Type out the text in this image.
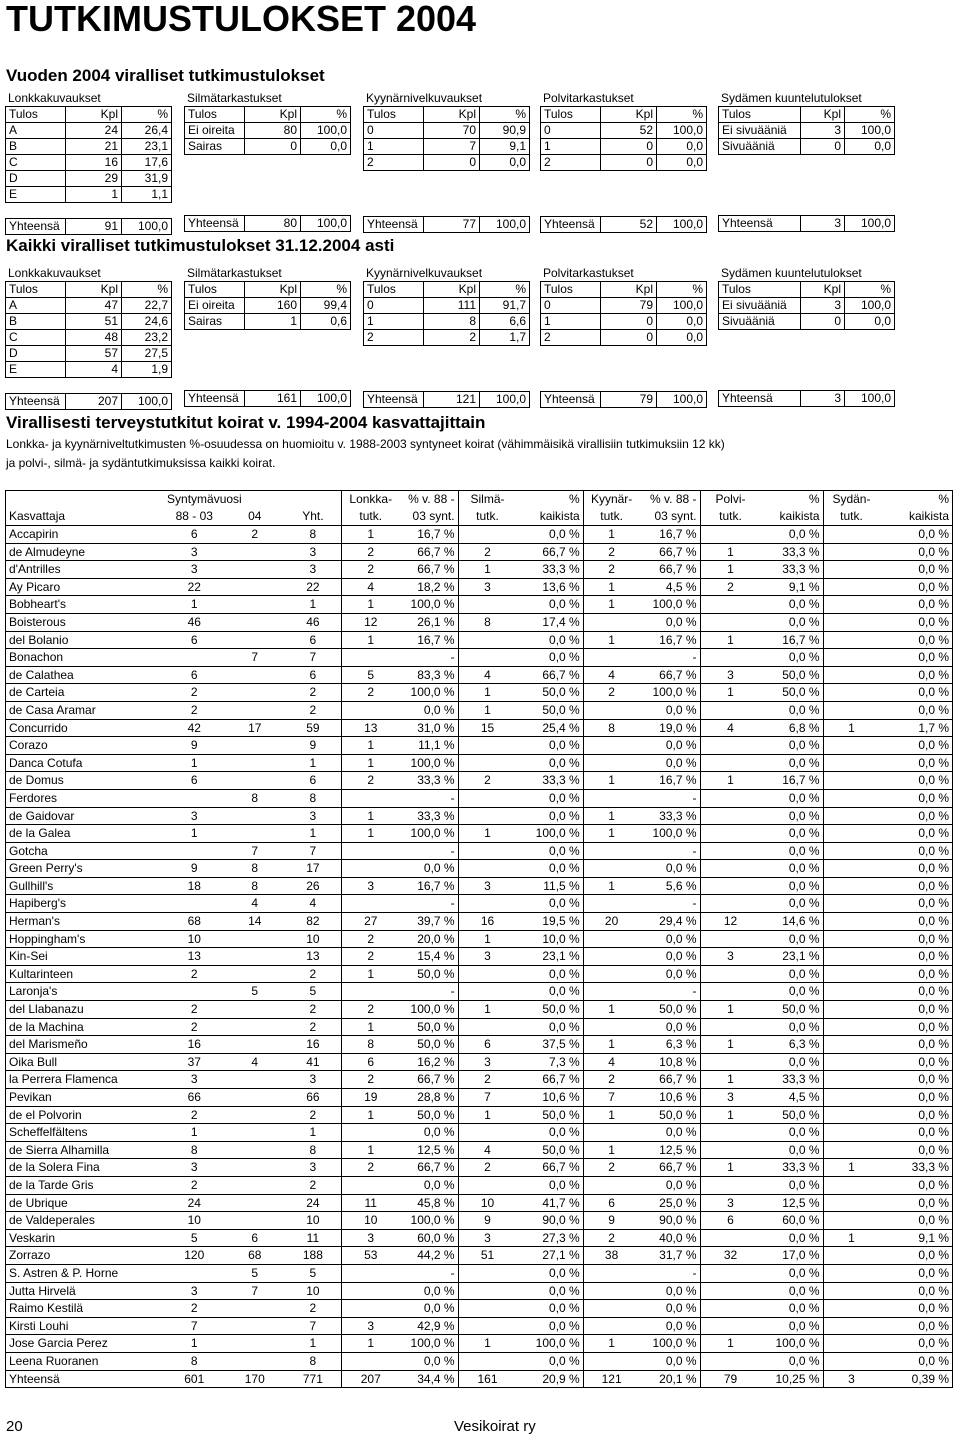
TUTKIMUSTULOKSET 2004
Vuoden 2004 viralliset tutkimustulokset
Lonkkakuvaukset
Tulos	Kpl	%
A	24	26,4
B	21	23,1
C	16	17,6
D	29	31,9
E	1	1,1

Yhteensä	91	100,0
Silmätarkastukset
Tulos	Kpl	%
Ei oireita	80	100,0
Sairas	0	0,0

Yhteensä	80	100,0
Kyynärnivelkuvaukset
Tulos	Kpl	%
0	70	90,9
1	7	9,1
2	0	0,0

Yhteensä	77	100,0
Polvitarkastukset
Tulos	Kpl	%
0	52	100,0
1	0	0,0
2	0	0,0

Yhteensä	52	100,0
Sydämen kuuntelutulokset
Tulos	Kpl	%
Ei sivuääniä	3	100,0
Sivuääniä	0	0,0

Yhteensä	3	100,0
Kaikki viralliset tutkimustulokset 31.12.2004 asti
Lonkkakuvaukset
Tulos	Kpl	%
A	47	22,7
B	51	24,6
C	48	23,2
D	57	27,5
E	4	1,9

Yhteensä	207	100,0
Silmätarkastukset
Tulos	Kpl	%
Ei oireita	160	99,4
Sairas	1	0,6

Yhteensä	161	100,0
Kyynärnivelkuvaukset
Tulos	Kpl	%
0	111	91,7
1	8	6,6
2	2	1,7

Yhteensä	121	100,0
Polvitarkastukset
Tulos	Kpl	%
0	79	100,0
1	0	0,0
2	0	0,0

Yhteensä	79	100,0
Sydämen kuuntelutulokset
Tulos	Kpl	%
Ei sivuääniä	3	100,0
Sivuääniä	0	0,0

Yhteensä	3	100,0
Virallisesti terveystutkitut koirat v. 1994-2004 kasvattajittain
Lonkka- ja kyynärniveltutkimusten %-osuudessa on huomioitu v. 1988-2003 syntyneet koirat (vähimmäisikä virallisiin tutkimuksiin 12 kk)
ja polvi-, silmä- ja sydäntutkimuksissa kaikki koirat.
	Syntymävuosi			Lonkka-	% v. 88 -	Silmä-	%	Kyynär-	% v. 88 -	Polvi-	%	Sydän-	%
Kasvattaja	88 - 03	04	Yht.	tutk.	03 synt.	tutk.	kaikista	tutk.	03 synt.	tutk.	kaikista	tutk.	kaikista
Accapirin	6	2	8	1	16,7 %		0,0 %	1	16,7 %		0,0 %		0,0 %
de Almudeyne	3		3	2	66,7 %	2	66,7 %	2	66,7 %	1	33,3 %		0,0 %
d'Antrilles	3		3	2	66,7 %	1	33,3 %	2	66,7 %	1	33,3 %		0,0 %
Ay Picaro	22		22	4	18,2 %	3	13,6 %	1	4,5 %	2	9,1 %		0,0 %
Bobheart's	1		1	1	100,0 %		0,0 %	1	100,0 %		0,0 %		0,0 %
Boisterous	46		46	12	26,1 %	8	17,4 %		0,0 %		0,0 %		0,0 %
del Bolanio	6		6	1	16,7 %		0,0 %	1	16,7 %	1	16,7 %		0,0 %
Bonachon		7	7		-		0,0 %		-		0,0 %		0,0 %
de Calathea	6		6	5	83,3 %	4	66,7 %	4	66,7 %	3	50,0 %		0,0 %
de Carteia	2		2	2	100,0 %	1	50,0 %	2	100,0 %	1	50,0 %		0,0 %
de Casa Aramar	2		2		0,0 %	1	50,0 %		0,0 %		0,0 %		0,0 %
Concurrido	42	17	59	13	31,0 %	15	25,4 %	8	19,0 %	4	6,8 %	1	1,7 %
Corazo	9		9	1	11,1 %		0,0 %		0,0 %		0,0 %		0,0 %
Danca Cotufa	1		1	1	100,0 %		0,0 %		0,0 %		0,0 %		0,0 %
de Domus	6		6	2	33,3 %	2	33,3 %	1	16,7 %	1	16,7 %		0,0 %
Ferdores		8	8		-		0,0 %		-		0,0 %		0,0 %
de Gaidovar	3		3	1	33,3 %		0,0 %	1	33,3 %		0,0 %		0,0 %
de la Galea	1		1	1	100,0 %	1	100,0 %	1	100,0 %		0,0 %		0,0 %
Gotcha		7	7		-		0,0 %		-		0,0 %		0,0 %
Green Perry's	9	8	17		0,0 %		0,0 %		0,0 %		0,0 %		0,0 %
Gullhill's	18	8	26	3	16,7 %	3	11,5 %	1	5,6 %		0,0 %		0,0 %
Hapiberg's		4	4		-		0,0 %		-		0,0 %		0,0 %
Herman's	68	14	82	27	39,7 %	16	19,5 %	20	29,4 %	12	14,6 %		0,0 %
Hoppingham's	10		10	2	20,0 %	1	10,0 %		0,0 %		0,0 %		0,0 %
Kin-Sei	13		13	2	15,4 %	3	23,1 %		0,0 %	3	23,1 %		0,0 %
Kultarinteen	2		2	1	50,0 %		0,0 %		0,0 %		0,0 %		0,0 %
Laronja's		5	5		-		0,0 %		-		0,0 %		0,0 %
del Llabanazu	2		2	2	100,0 %	1	50,0 %	1	50,0 %	1	50,0 %		0,0 %
de la Machina	2		2	1	50,0 %		0,0 %		0,0 %		0,0 %		0,0 %
del Marismeño	16		16	8	50,0 %	6	37,5 %	1	6,3 %	1	6,3 %		0,0 %
Oika Bull	37	4	41	6	16,2 %	3	7,3 %	4	10,8 %		0,0 %		0,0 %
la Perrera Flamenca	3		3	2	66,7 %	2	66,7 %	2	66,7 %	1	33,3 %		0,0 %
Pevikan	66		66	19	28,8 %	7	10,6 %	7	10,6 %	3	4,5 %		0,0 %
de el Polvorin	2		2	1	50,0 %	1	50,0 %	1	50,0 %	1	50,0 %		0,0 %
Scheffelfältens	1		1		0,0 %		0,0 %		0,0 %		0,0 %		0,0 %
de Sierra Alhamilla	8		8	1	12,5 %	4	50,0 %	1	12,5 %		0,0 %		0,0 %
de la Solera Fina	3		3	2	66,7 %	2	66,7 %	2	66,7 %	1	33,3 %	1	33,3 %
de la Tarde Gris	2		2		0,0 %		0,0 %		0,0 %		0,0 %		0,0 %
de Ubrique	24		24	11	45,8 %	10	41,7 %	6	25,0 %	3	12,5 %		0,0 %
de Valdeperales	10		10	10	100,0 %	9	90,0 %	9	90,0 %	6	60,0 %		0,0 %
Veskarin	5	6	11	3	60,0 %	3	27,3 %	2	40,0 %		0,0 %	1	9,1 %
Zorrazo	120	68	188	53	44,2 %	51	27,1 %	38	31,7 %	32	17,0 %		0,0 %
S. Astren & P. Horne		5	5		-		0,0 %		-		0,0 %		0,0 %
Jutta Hirvelä	3	7	10		0,0 %		0,0 %		0,0 %		0,0 %		0,0 %
Raimo Kestilä	2		2		0,0 %		0,0 %		0,0 %		0,0 %		0,0 %
Kirsti Louhi	7		7	3	42,9 %		0,0 %		0,0 %		0,0 %		0,0 %
Jose Garcia Perez	1		1	1	100,0 %	1	100,0 %	1	100,0 %	1	100,0 %		0,0 %
Leena Ruoranen	8		8		0,0 %		0,0 %		0,0 %		0,0 %		0,0 %
Yhteensä	601	170	771	207	34,4 %	161	20,9 %	121	20,1 %	79	10,25 %	3	0,39 %
20	Vesikoirat ry
